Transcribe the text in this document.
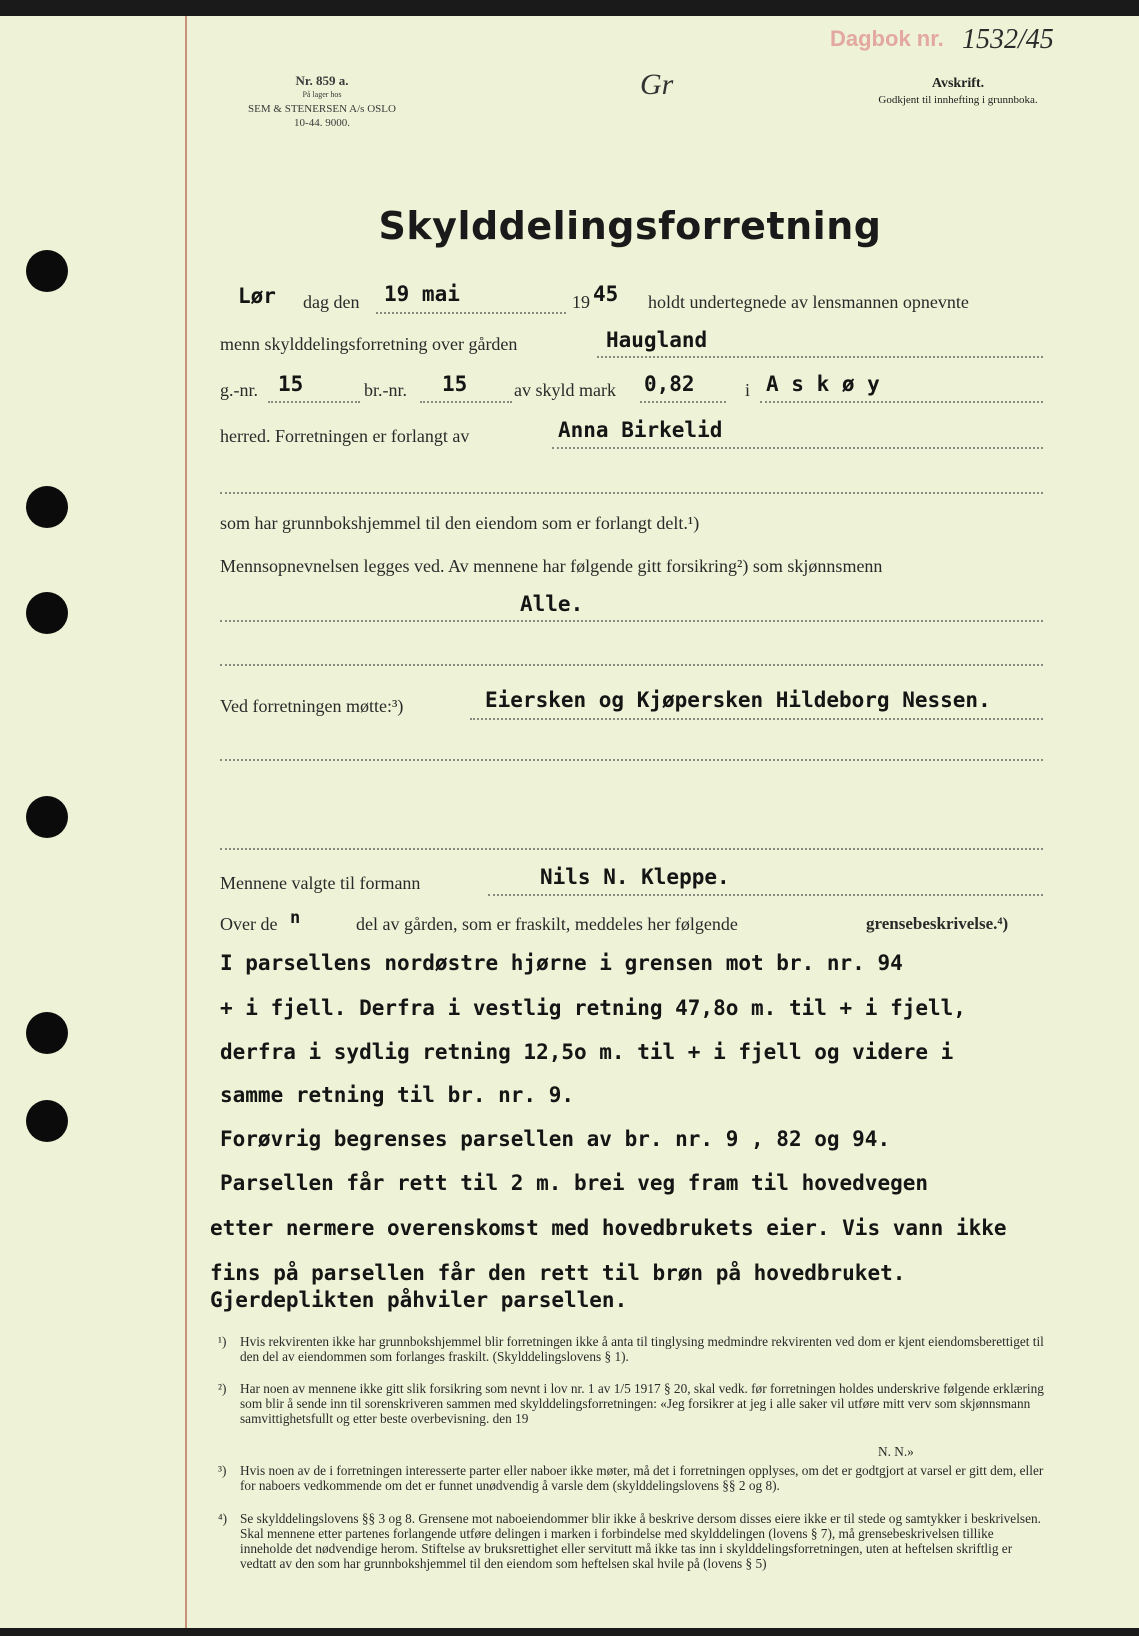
Nr. 859 a.
På lager hos
SEM & STENERSEN A/s OSLO
10-44. 9000.
Gr
Dagbok nr. 1532/45
Avskrift.
Godkjent til innhefting i grunnboka.
Skylddelingsforretning
Lør dag den 19 mai	19 45 holdt undertegnede av lensmannen opnevnte
menn skylddelingsforretning over gården	Haugland
g.-nr. 15	br.-nr. 15	av skyld mark 0,82	i A s k ø y
herred. Forretningen er forlangt av	Anna Birkelid
som har grunnbokshjemmel til den eiendom som er forlangt delt.¹)
Mennsopnevnelsen legges ved. Av mennene har følgende gitt forsikring²) som skjønnsmenn
Alle.
Ved forretningen møtte:³)	Eiersken og Kjøpersken Hildeborg Nessen.
Mennene valgte til formann	Nils N. Kleppe.
Over de n	del av gården, som er fraskilt, meddeles her følgende	grensebeskrivelse.⁴)
I parsellens nordøstre hjørne i grensen mot br. nr. 94
+ i fjell. Derfra i vestlig retning 47,8o m. til + i fjell,
derfra i sydlig retning 12,5o m. til + i fjell og videre i
samme retning til br. nr. 9.
Forøvrig begrenses parsellen av br. nr. 9 , 82 og 94.
Parsellen får rett til 2 m. brei veg fram til hovedvegen
etter nermere overenskomst med hovedbrukets eier. Vis vann ikke
fins på parsellen får den rett til brøn på hovedbruket.
Gjerdeplikten påhviler parsellen.
¹) Hvis rekvirenten ikke har grunnbokshjemmel blir forretningen ikke å anta til tinglysing medmindre rekvirenten ved dom er kjent eiendomsberettiget til den del av eiendommen som forlanges fraskilt. (Skylddelingslovens § 1).
²) Har noen av mennene ikke gitt slik forsikring som nevnt i lov nr. 1 av 1/5 1917 § 20, skal vedk. før forretningen holdes underskrive følgende erklæring som blir å sende inn til sorenskriveren sammen med skylddelingsforretningen: «Jeg forsikrer at jeg i alle saker vil utføre mitt verv som skjønnsmann samvittighetsfullt og etter beste overbevisning. den 19
N. N.»
³) Hvis noen av de i forretningen interesserte parter eller naboer ikke møter, må det i forretningen opplyses, om det er godtgjort at varsel er gitt dem, eller for naboers vedkommende om det er funnet unødvendig å varsle dem (skylddelingslovens §§ 2 og 8).
⁴) Se skylddelingslovens §§ 3 og 8. Grensene mot naboeiendommer blir ikke å beskrive dersom disses eiere ikke er til stede og samtykker i beskrivelsen. Skal mennene etter partenes forlangende utføre delingen i marken i forbindelse med skylddelingen (lovens § 7), må grensebeskrivelsen tillike inneholde det nødvendige herom. Stiftelse av bruksrettighet eller servitutt må ikke tas inn i skylddelingsforretningen, uten at heftelsen skriftlig er vedtatt av den som har grunnbokshjemmel til den eiendom som heftelsen skal hvile på (lovens § 5)
